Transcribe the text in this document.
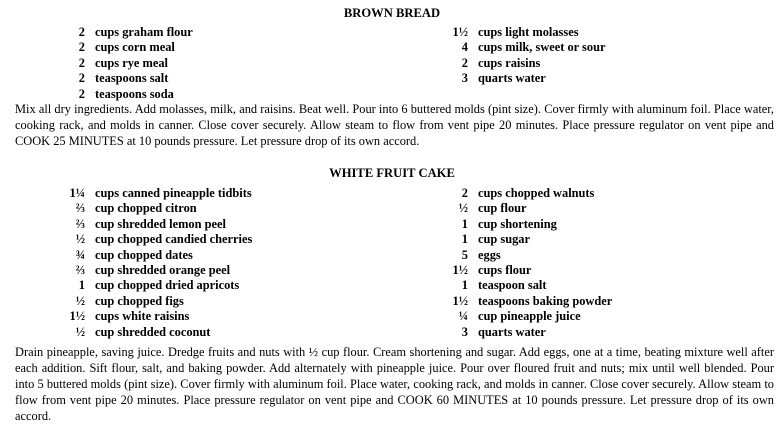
BROWN BREAD
2 cups graham flour
2 cups corn meal
2 cups rye meal
2 teaspoons salt
2 teaspoons soda
1½ cups light molasses
4 cups milk, sweet or sour
2 cups raisins
3 quarts water

Mix all dry ingredients. Add molasses, milk, and raisins. Beat well. Pour into 6 buttered molds (pint size). Cover firmly with aluminum foil. Place water, cooking rack, and molds in canner. Close cover securely. Allow steam to flow from vent pipe 20 minutes. Place pressure regulator on vent pipe and COOK 25 MINUTES at 10 pounds pressure. Let pressure drop of its own accord.

WHITE FRUIT CAKE
1¼ cups canned pineapple tidbits
⅔ cup chopped citron
⅔ cup shredded lemon peel
½ cup chopped candied cherries
¾ cup chopped dates
⅔ cup shredded orange peel
1 cup chopped dried apricots
½ cup chopped figs
1½ cups white raisins
½ cup shredded coconut
2 cups chopped walnuts
½ cup flour
1 cup shortening
1 cup sugar
5 eggs
1½ cups flour
1 teaspoon salt
1½ teaspoons baking powder
¼ cup pineapple juice
3 quarts water

Drain pineapple, saving juice. Dredge fruits and nuts with ½ cup flour. Cream shortening and sugar. Add eggs, one at a time, beating mixture well after each addition. Sift flour, salt, and baking powder. Add alternately with pineapple juice. Pour over floured fruit and nuts; mix until well blended. Pour into 5 buttered molds (pint size). Cover firmly with aluminum foil. Place water, cooking rack, and molds in canner. Close cover securely. Allow steam to flow from vent pipe 20 minutes. Place pressure regulator on vent pipe and COOK 60 MINUTES at 10 pounds pressure. Let pressure drop of its own accord.
